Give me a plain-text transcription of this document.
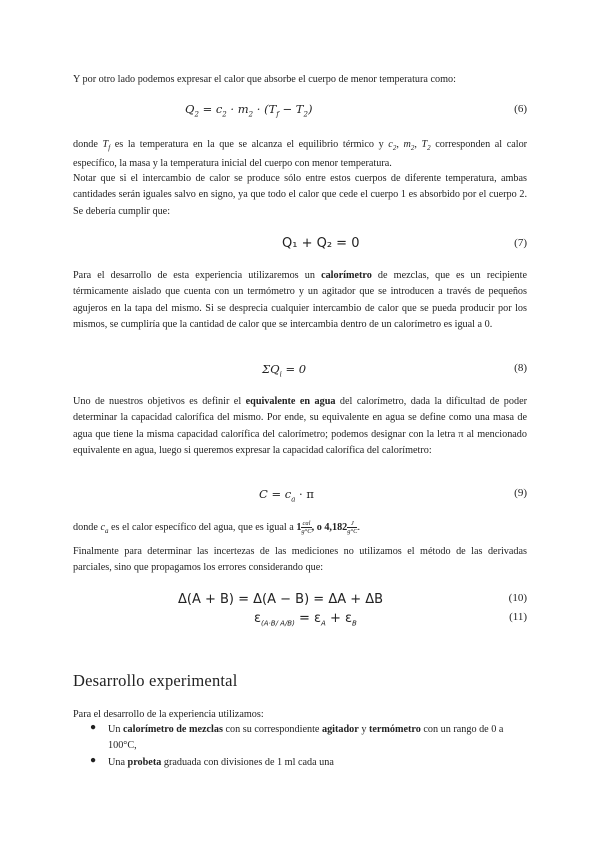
Y por otro lado podemos expresar el calor que absorbe el cuerpo de menor temperatura como:

$Q_2 = c_2 \cdot m_2 \cdot (T_f - T_2)$	(6)

donde $T_f$ es la temperatura en la que se alcanza el equilibrio térmico y $c_2$, $m_2$, $T_2$ corresponden al calor específico, la masa y la temperatura inicial del cuerpo con menor temperatura.

Notar que si el intercambio de calor se produce sólo entre estos cuerpos de diferente temperatura, ambas cantidades serán iguales salvo en signo, ya que todo el calor que cede el cuerpo 1 es absorbido por el cuerpo 2. Se debería cumplir que:

Q₁ + Q₂ = 0	(7)

Para el desarrollo de esta experiencia utilizaremos un calorímetro de mezclas, que es un recipiente térmicamente aislado que cuenta con un termómetro y un agitador que se introducen a través de pequeños agujeros en la tapa del mismo. Si se desprecia cualquier intercambio de calor que se pueda producir por los mismos, se cumpliría que la cantidad de calor que se intercambia dentro de un calorímetro es igual a 0.

$\Sigma Q_i = 0$	(8)

Uno de nuestros objetivos es definir el equivalente en agua del calorímetro, dada la dificultad de poder determinar la capacidad calorífica del mismo. Por ende, su equivalente en agua se define como una masa de agua que tiene la misma capacidad calorífica del calorímetro; podemos designar con la letra π al mencionado equivalente en agua, luego si queremos expresar la capacidad calorífica del calorímetro:

$C = c_a \cdot \pi$	(9)

donde $c_a$ es el calor específico del agua, que es igual a $1 \frac{\text{cal}}{g^\circ C}$ , o $4,182 \frac{J}{g^\circ C}$ .

Finalmente para determinar las incertezas de las mediciones no utilizamos el método de las derivadas parciales, sino que propagamos los errores considerando que:

Δ(A + B) = Δ(A − B) = ΔA + ΔB	(10)
$\varepsilon_{(A\cdot B/ A/B)} = \varepsilon_A + \varepsilon_B$
(11)
Desarrollo experimental

Para el desarrollo de la experiencia utilizamos:

● Un calorímetro de mezclas con su correspondiente agitador y termómetro con un rango de 0 a 100°C,
● Una probeta graduada con divisiones de 1 ml cada una
